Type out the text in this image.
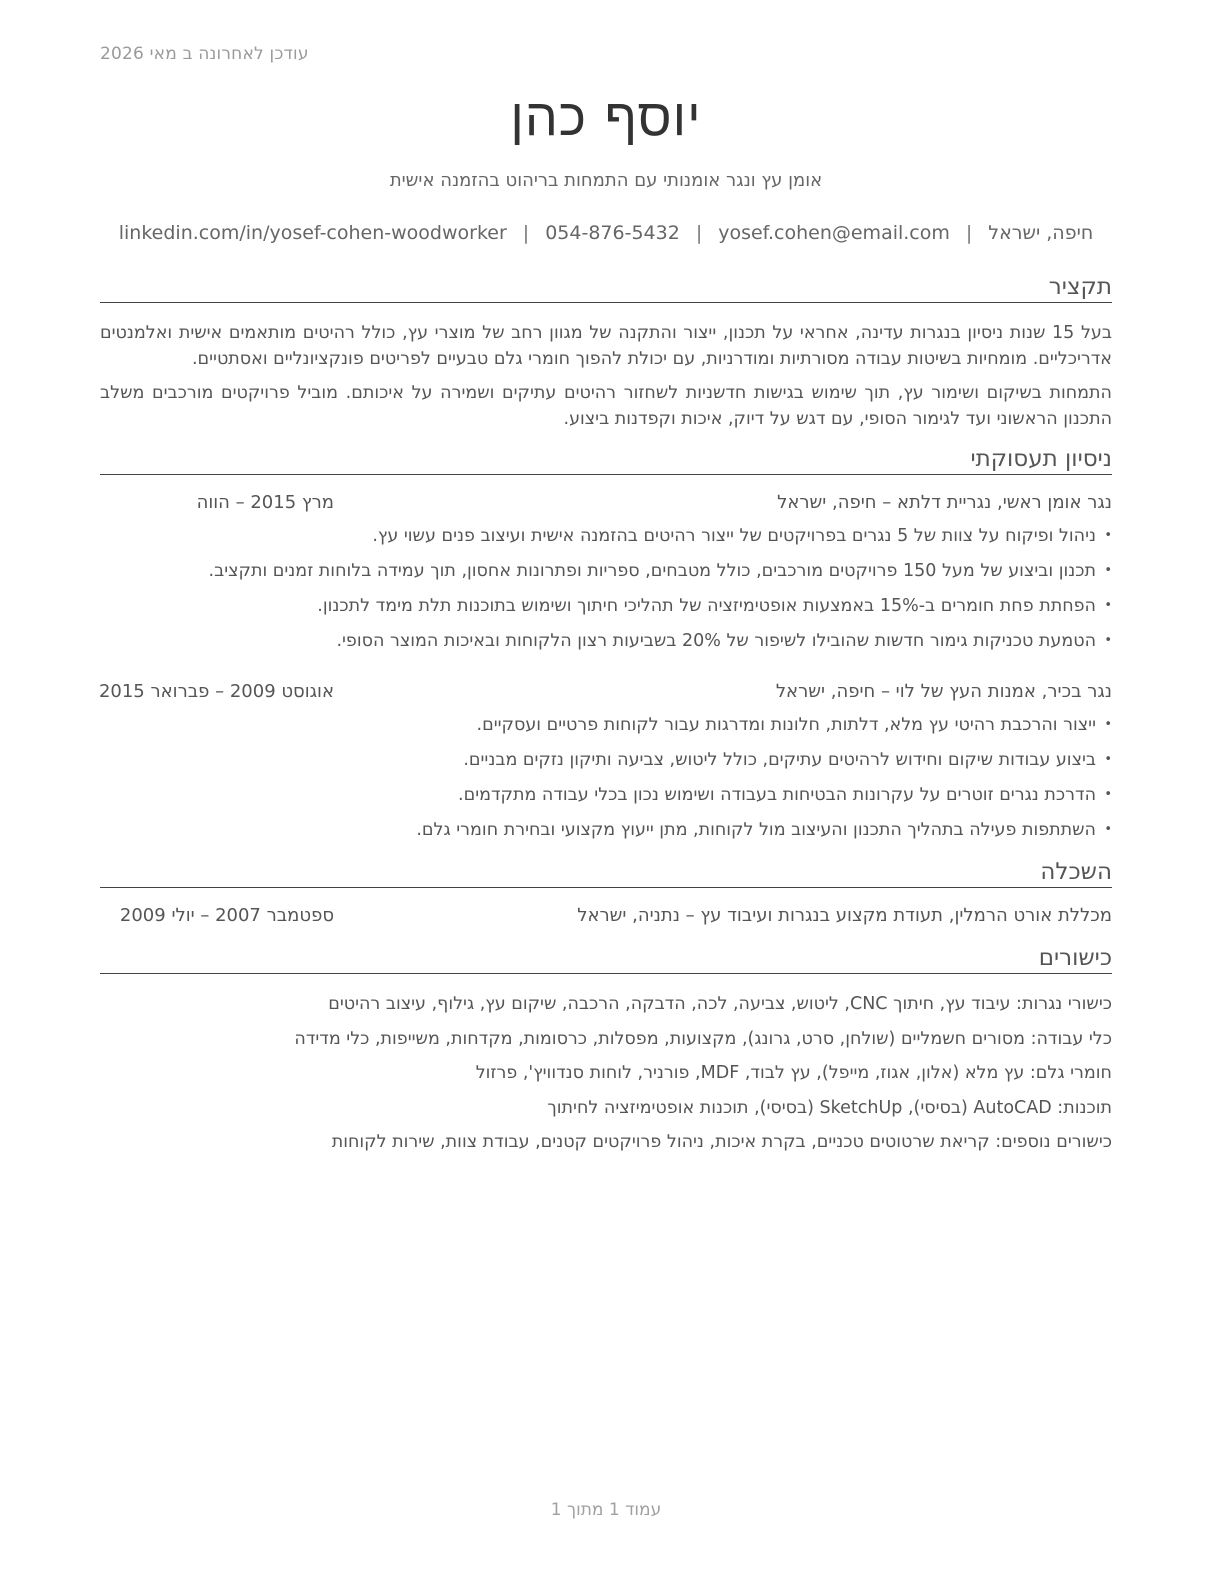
עודכן לאחרונה ב מאי 2026
יוסף כהן
אומן עץ ונגר אומנותי עם התמחות בריהוט בהזמנה אישית
חיפה, ישראל|yosef.cohen@email.com|054-876-5432|linkedin.com/in/yosef-cohen-woodworker
תקציר
בעל 15 שנות ניסיון בנגרות עדינה, אחראי על תכנון, ייצור והתקנה של מגוון רחב של מוצרי עץ, כולל רהיטים מותאמים אישית ואלמנטים אדריכליים. מומחיות בשיטות עבודה מסורתיות ומודרניות, עם יכולת להפוך חומרי גלם טבעיים לפריטים פונקציונליים ואסתטיים.
התמחות בשיקום ושימור עץ, תוך שימוש בגישות חדשניות לשחזור רהיטים עתיקים ושמירה על איכותם. מוביל פרויקטים מורכבים משלב התכנון הראשוני ועד לגימור הסופי, עם דגש על דיוק, איכות וקפדנות ביצוע.
ניסיון תעסוקתי
נגר אומן ראשי, נגריית דלתא – חיפה, ישראל
מרץ 2015 – הווה
• ניהול ופיקוח על צוות של 5 נגרים בפרויקטים של ייצור רהיטים בהזמנה אישית ועיצוב פנים עשוי עץ.
• תכנון וביצוע של מעל 150 פרויקטים מורכבים, כולל מטבחים, ספריות ופתרונות אחסון, תוך עמידה בלוחות זמנים ותקציב.
• הפחתת פחת חומרים ב-15% באמצעות אופטימיזציה של תהליכי חיתוך ושימוש בתוכנות תלת מימד לתכנון.
• הטמעת טכניקות גימור חדשות שהובילו לשיפור של 20% בשביעות רצון הלקוחות ובאיכות המוצר הסופי.
נגר בכיר, אמנות העץ של לוי – חיפה, ישראל
אוגוסט 2009 – פברואר 2015
• ייצור והרכבת רהיטי עץ מלא, דלתות, חלונות ומדרגות עבור לקוחות פרטיים ועסקיים.
• ביצוע עבודות שיקום וחידוש לרהיטים עתיקים, כולל ליטוש, צביעה ותיקון נזקים מבניים.
• הדרכת נגרים זוטרים על עקרונות הבטיחות בעבודה ושימוש נכון בכלי עבודה מתקדמים.
• השתתפות פעילה בתהליך התכנון והעיצוב מול לקוחות, מתן ייעוץ מקצועי ובחירת חומרי גלם.
השכלה
מכללת אורט הרמלין, תעודת מקצוע בנגרות ועיבוד עץ – נתניה, ישראל
ספטמבר 2007 – יולי 2009
כישורים
כישורי נגרות: עיבוד עץ, חיתוך CNC, ליטוש, צביעה, לכה, הדבקה, הרכבה, שיקום עץ, גילוף, עיצוב רהיטים
כלי עבודה: מסורים חשמליים (שולחן, סרט, גרונג), מקצועות, מפסלות, כרסומות, מקדחות, משייפות, כלי מדידה
חומרי גלם: עץ מלא (אלון, אגוז, מייפל), עץ לבוד, MDF, פורניר, לוחות סנדוויץ', פרזול
תוכנות: AutoCAD (בסיסי), SketchUp (בסיסי), תוכנות אופטימיזציה לחיתוך
כישורים נוספים: קריאת שרטוטים טכניים, בקרת איכות, ניהול פרויקטים קטנים, עבודת צוות, שירות לקוחות
עמוד 1 מתוך 1
